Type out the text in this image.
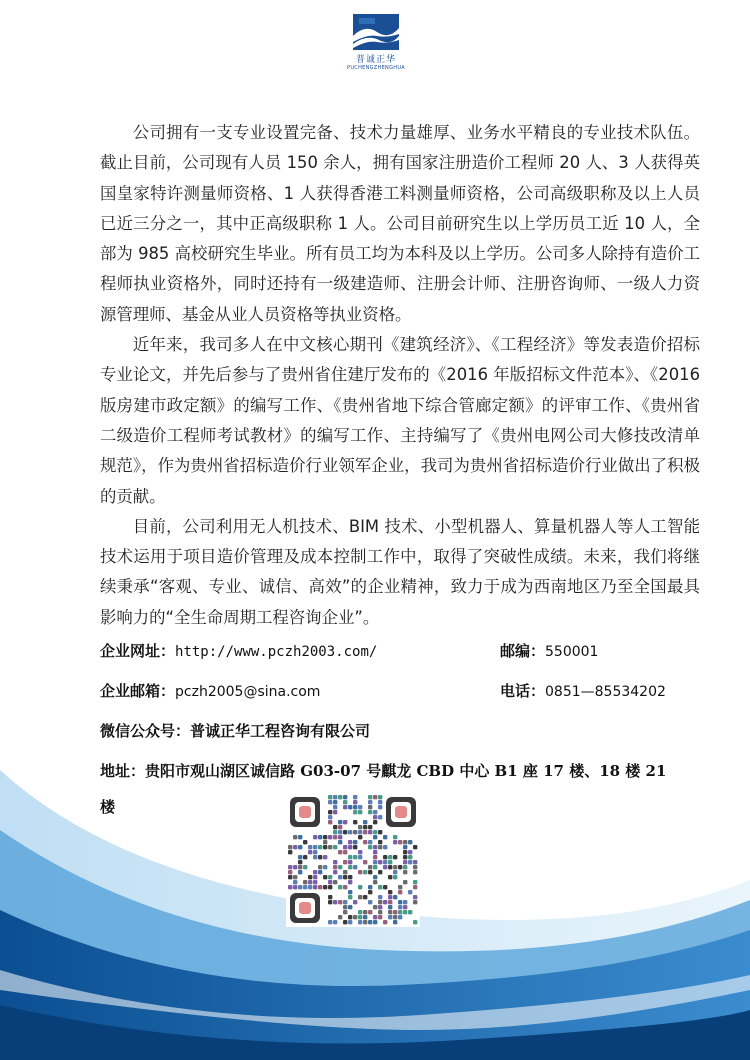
普诚正华
PUCHENGZHENGHUA

公司拥有一支专业设置完备、技术力量雄厚、业务水平精良的专业技术队伍。截止目前，公司现有人员 150 余人，拥有国家注册造价工程师 20 人、3 人获得英国皇家特许测量师资格、1 人获得香港工料测量师资格，公司高级职称及以上人员已近三分之一，其中正高级职称 1 人。公司目前研究生以上学历员工近 10 人，全部为 985 高校研究生毕业。所有员工均为本科及以上学历。公司多人除持有造价工程师执业资格外，同时还持有一级建造师、注册会计师、注册咨询师、一级人力资源管理师、基金从业人员资格等执业资格。

近年来，我司多人在中文核心期刊《建筑经济》、《工程经济》等发表造价招标专业论文，并先后参与了贵州省住建厅发布的《2016 年版招标文件范本》、《2016 版房建市政定额》的编写工作、《贵州省地下综合管廊定额》的评审工作、《贵州省二级造价工程师考试教材》的编写工作、主持编写了《贵州电网公司大修技改清单规范》，作为贵州省招标造价行业领军企业，我司为贵州省招标造价行业做出了积极的贡献。

目前，公司利用无人机技术、BIM 技术、小型机器人、算量机器人等人工智能技术运用于项目造价管理及成本控制工作中，取得了突破性成绩。未来，我们将继续秉承“客观、专业、诚信、高效”的企业精神，致力于成为西南地区乃至全国最具影响力的“全生命周期工程咨询企业”。

企业网址：http://www.pczh2003.com/	邮编：550001
企业邮箱：pczh2005@sina.com	电话：0851—85534202
微信公众号：普诚正华工程咨询有限公司
地址：贵阳市观山湖区诚信路 G03-07 号麒龙 CBD 中心 B1 座 17 楼、18 楼 21
楼
